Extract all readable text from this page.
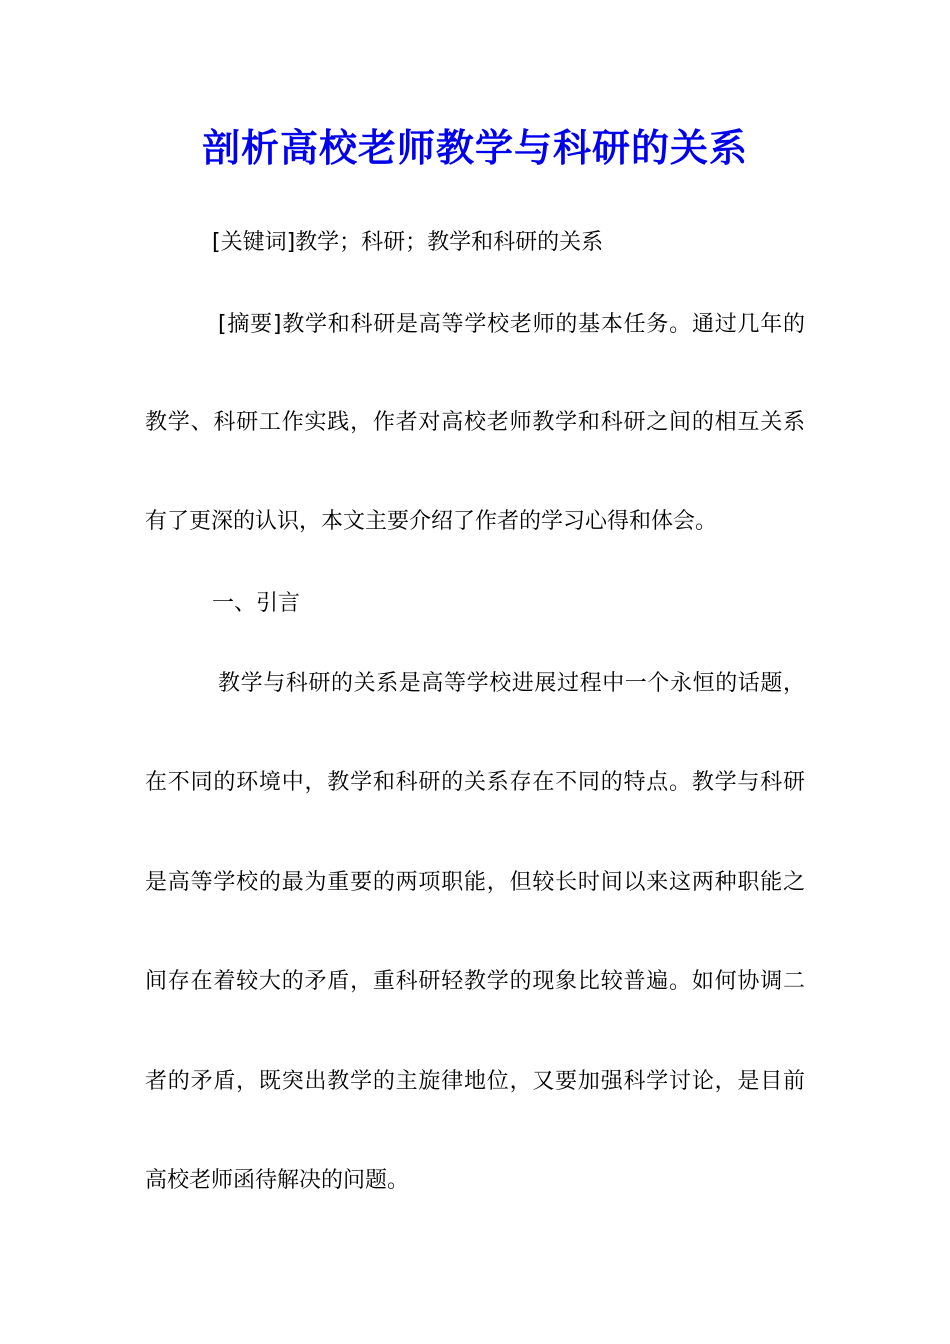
剖析高校老师教学与科研的关系

[关键词]教学；科研；教学和科研的关系

[摘要]教学和科研是高等学校老师的基本任务。通过几年的

教学、科研工作实践，作者对高校老师教学和科研之间的相互关系

有了更深的认识，本文主要介绍了作者的学习心得和体会。

一、引言

教学与科研的关系是高等学校进展过程中一个永恒的话题，

在不同的环境中，教学和科研的关系存在不同的特点。教学与科研

是高等学校的最为重要的两项职能，但较长时间以来这两种职能之

间存在着较大的矛盾，重科研轻教学的现象比较普遍。如何协调二

者的矛盾，既突出教学的主旋律地位，又要加强科学讨论，是目前

高校老师函待解决的问题。
